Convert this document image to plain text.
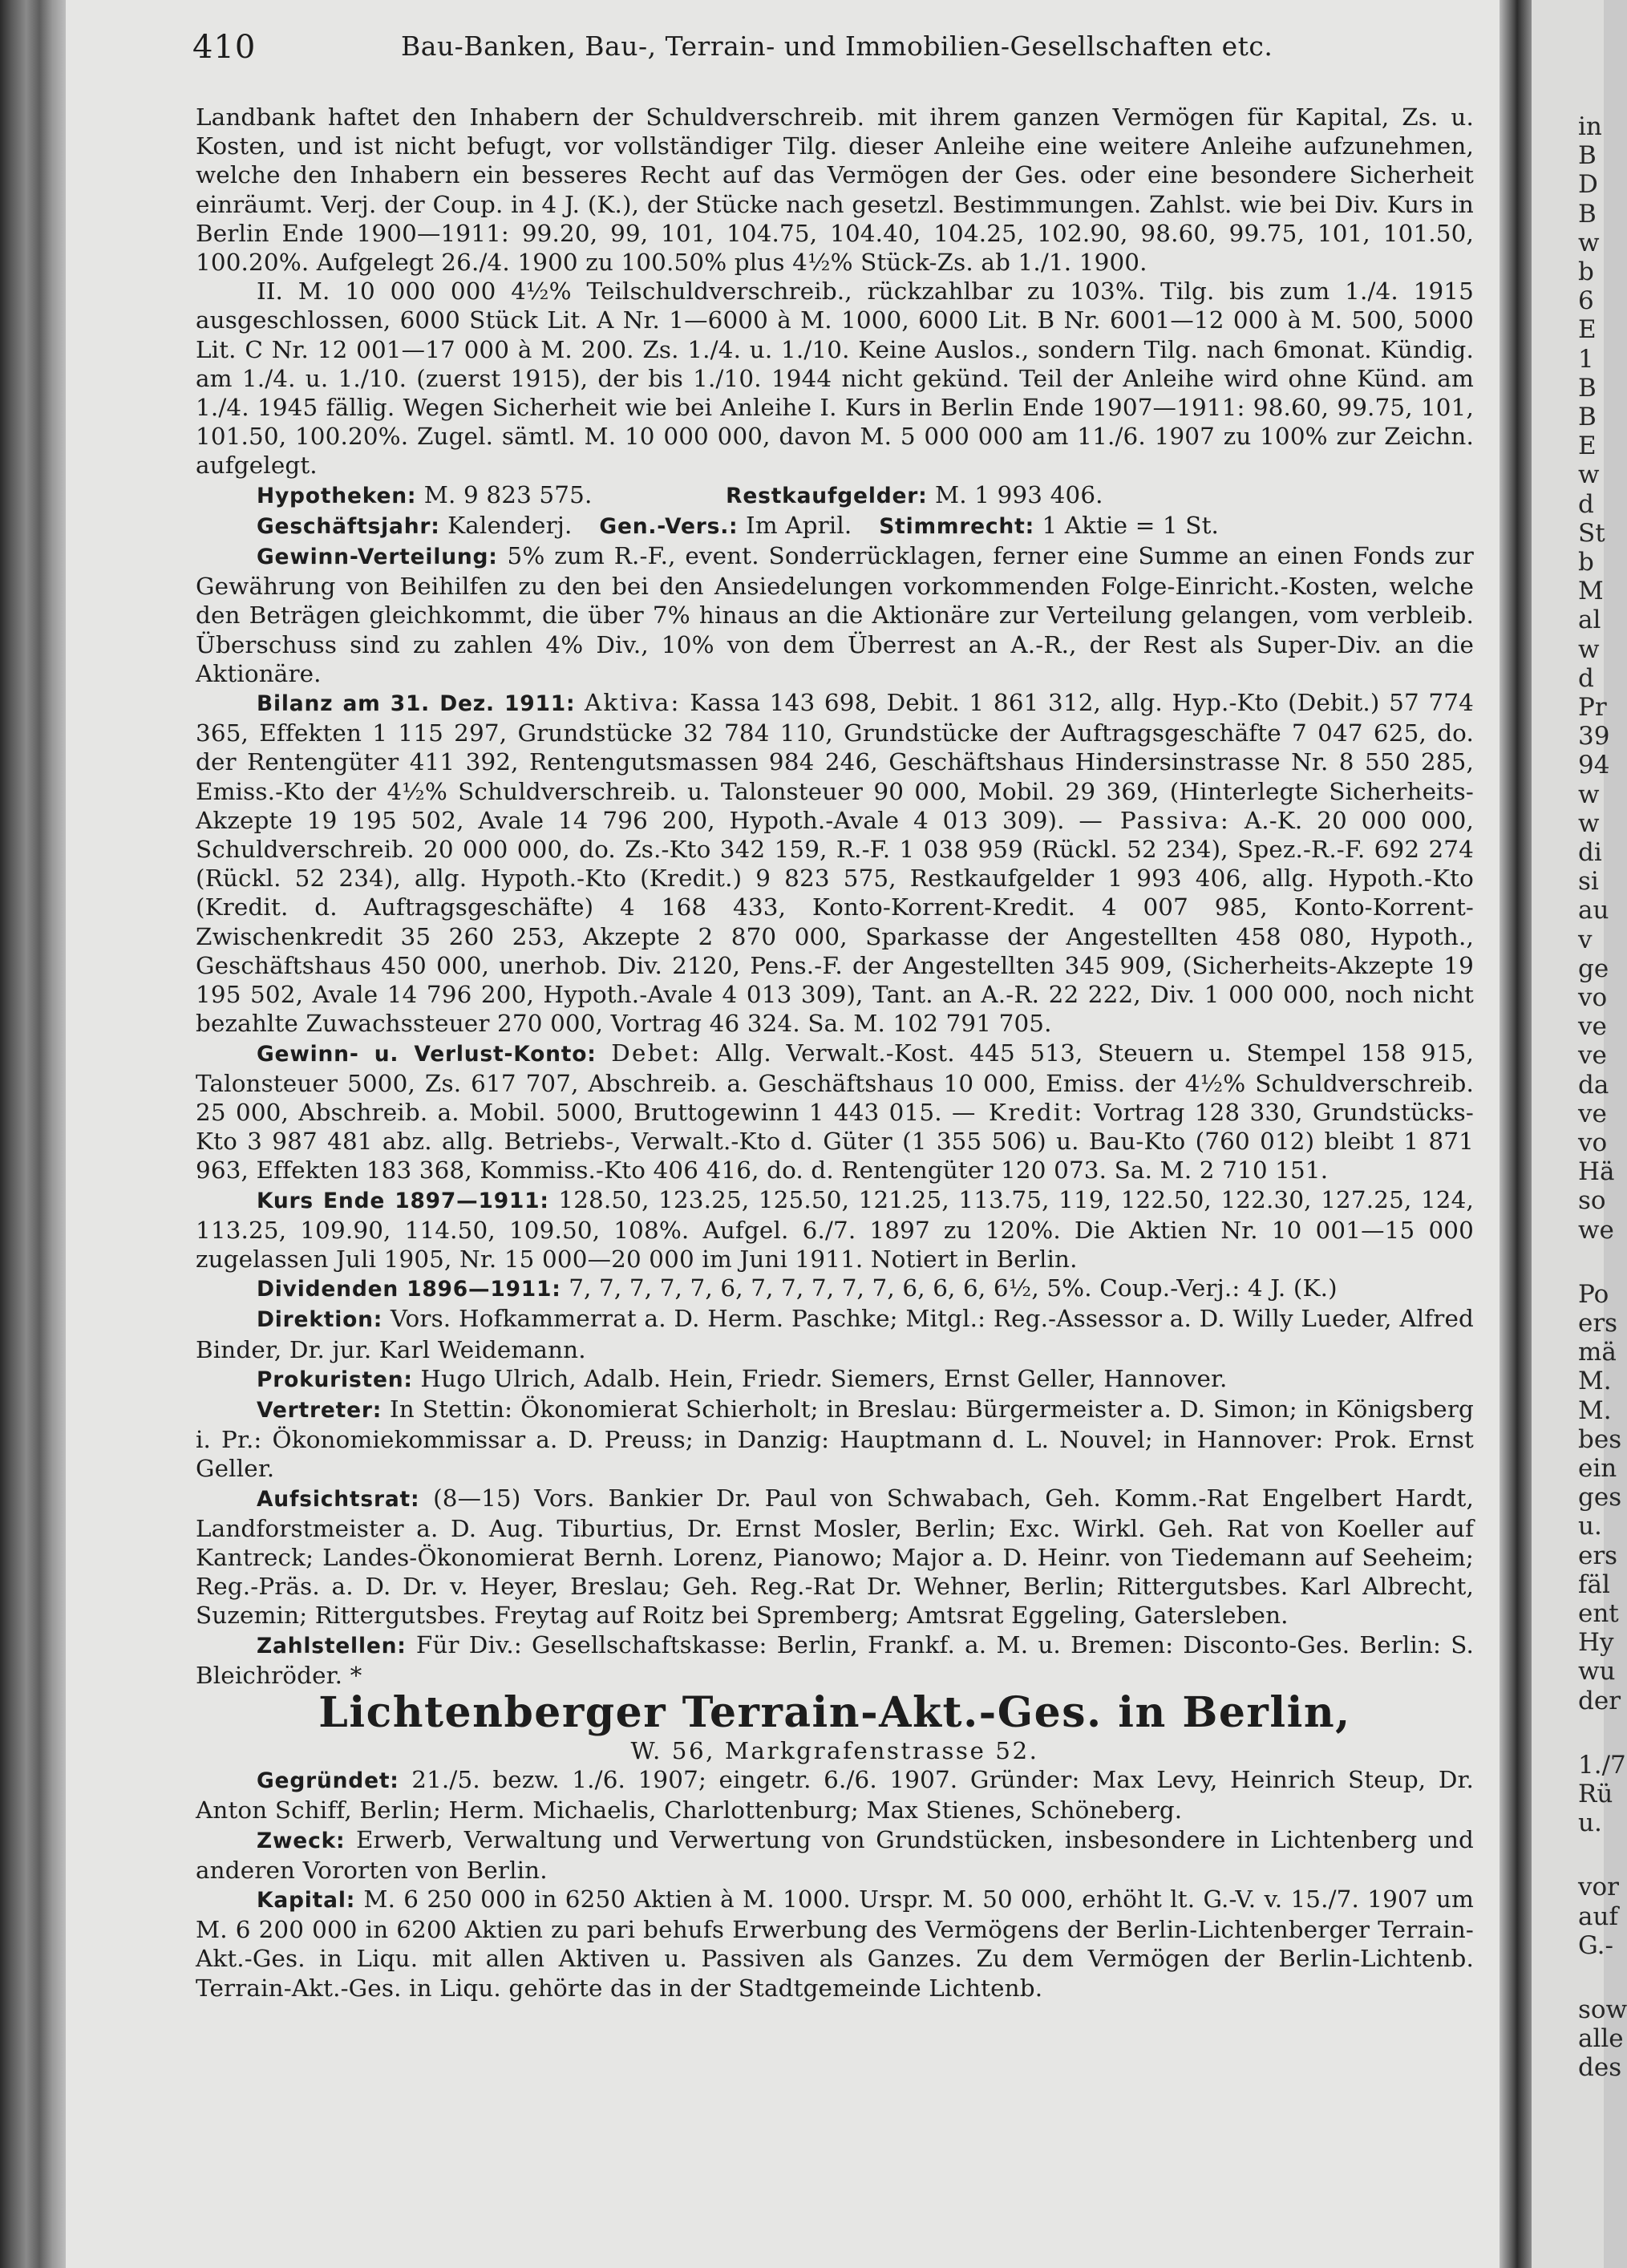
in
B
D
B
w
b
6
E
1
B
B
E
w
d
St
b
M
al
w
d
Pr
39
94
w
w
di
si
au
v
ge
vo
ve
ve
da
ve
vo
Hä
so
we
Po
ers
mä
M.
M.
bes
ein
ges
u.
ers
fäl
ent
Hy
wu
der
1./7
Rü
u.
vor
auf
G.-
sow
alle
des
410	Bau-Banken, Bau-, Terrain- und Immobilien-Gesellschaften etc.

Landbank haftet den Inhabern der Schuldverschreib. mit ihrem ganzen Vermögen für Kapital, Zs. u. Kosten, und ist nicht befugt, vor vollständiger Tilg. dieser Anleihe eine weitere Anleihe aufzunehmen, welche den Inhabern ein besseres Recht auf das Vermögen der Ges. oder eine besondere Sicherheit einräumt. Verj. der Coup. in 4 J. (K.), der Stücke nach gesetzl. Bestimmungen. Zahlst. wie bei Div. Kurs in Berlin Ende 1900—1911: 99.20, 99, 101, 104.75, 104.40, 104.25, 102.90, 98.60, 99.75, 101, 101.50, 100.20%. Aufgelegt 26./4. 1900 zu 100.50% plus 4½% Stück-Zs. ab 1./1. 1900.

II. M. 10 000 000 4½% Teilschuldverschreib., rückzahlbar zu 103%. Tilg. bis zum 1./4. 1915 ausgeschlossen, 6000 Stück Lit. A Nr. 1—6000 à M. 1000, 6000 Lit. B Nr. 6001—12 000 à M. 500, 5000 Lit. C Nr. 12 001—17 000 à M. 200. Zs. 1./4. u. 1./10. Keine Auslos., sondern Tilg. nach 6monat. Kündig. am 1./4. u. 1./10. (zuerst 1915), der bis 1./10. 1944 nicht gekünd. Teil der Anleihe wird ohne Künd. am 1./4. 1945 fällig. Wegen Sicherheit wie bei Anleihe I. Kurs in Berlin Ende 1907—1911: 98.60, 99.75, 101, 101.50, 100.20%. Zugel. sämtl. M. 10 000 000, davon M. 5 000 000 am 11./6. 1907 zu 100% zur Zeichn. aufgelegt.

Hypotheken: M. 9 823 575.      	Restkaufgelder: M. 1 993 406.

Geschäftsjahr: Kalenderj.   Gen.-Vers.: Im April.   Stimmrecht: 1 Aktie = 1 St.

Gewinn-Verteilung: 5% zum R.-F., event. Sonderrücklagen, ferner eine Summe an einen Fonds zur Gewährung von Beihilfen zu den bei den Ansiedelungen vorkommenden Folge-Einricht.-Kosten, welche den Beträgen gleichkommt, die über 7% hinaus an die Aktionäre zur Verteilung gelangen, vom verbleib. Überschuss sind zu zahlen 4% Div., 10% von dem Überrest an A.-R., der Rest als Super-Div. an die Aktionäre.

Bilanz am 31. Dez. 1911: Aktiva: Kassa 143 698, Debit. 1 861 312, allg. Hyp.-Kto (Debit.) 57 774 365, Effekten 1 115 297, Grundstücke 32 784 110, Grundstücke der Auftragsgeschäfte 7 047 625, do. der Rentengüter 411 392, Rentengutsmassen 984 246, Geschäftshaus Hindersinstrasse Nr. 8 550 285, Emiss.-Kto der 4½% Schuldverschreib. u. Talonsteuer 90 000, Mobil. 29 369, (Hinterlegte Sicherheits-Akzepte 19 195 502, Avale 14 796 200, Hypoth.-Avale 4 013 309). — Passiva: A.-K. 20 000 000, Schuldverschreib. 20 000 000, do. Zs.-Kto 342 159, R.-F. 1 038 959 (Rückl. 52 234), Spez.-R.-F. 692 274 (Rückl. 52 234), allg. Hypoth.-Kto (Kredit.) 9 823 575, Restkaufgelder 1 993 406, allg. Hypoth.-Kto (Kredit. d. Auftragsgeschäfte) 4 168 433, Konto-Korrent-Kredit. 4 007 985, Konto-Korrent-Zwischenkredit 35 260 253, Akzepte 2 870 000, Sparkasse der Angestellten 458 080, Hypoth., Geschäftshaus 450 000, unerhob. Div. 2120, Pens.-F. der Angestellten 345 909, (Sicherheits-Akzepte 19 195 502, Avale 14 796 200, Hypoth.-Avale 4 013 309), Tant. an A.-R. 22 222, Div. 1 000 000, noch nicht bezahlte Zuwachssteuer 270 000, Vortrag 46 324. Sa. M. 102 791 705.

Gewinn- u. Verlust-Konto: Debet: Allg. Verwalt.-Kost. 445 513, Steuern u. Stempel 158 915, Talonsteuer 5000, Zs. 617 707, Abschreib. a. Geschäftshaus 10 000, Emiss. der 4½% Schuldverschreib. 25 000, Abschreib. a. Mobil. 5000, Bruttogewinn 1 443 015. — Kredit: Vortrag 128 330, Grundstücks-Kto 3 987 481 abz. allg. Betriebs-, Verwalt.-Kto d. Güter (1 355 506) u. Bau-Kto (760 012) bleibt 1 871 963, Effekten 183 368, Kommiss.-Kto 406 416, do. d. Rentengüter 120 073. Sa. M. 2 710 151.

Kurs Ende 1897—1911: 128.50, 123.25, 125.50, 121.25, 113.75, 119, 122.50, 122.30, 127.25, 124, 113.25, 109.90, 114.50, 109.50, 108%. Aufgel. 6./7. 1897 zu 120%. Die Aktien Nr. 10 001—15 000 zugelassen Juli 1905, Nr. 15 000—20 000 im Juni 1911. Notiert in Berlin.

Dividenden 1896—1911: 7, 7, 7, 7, 7, 6, 7, 7, 7, 7, 7, 6, 6, 6, 6½, 5%. Coup.-Verj.: 4 J. (K.)

Direktion: Vors. Hofkammerrat a. D. Herm. Paschke; Mitgl.: Reg.-Assessor a. D. Willy Lueder, Alfred Binder, Dr. jur. Karl Weidemann.

Prokuristen: Hugo Ulrich, Adalb. Hein, Friedr. Siemers, Ernst Geller, Hannover.

Vertreter: In Stettin: Ökonomierat Schierholt; in Breslau: Bürgermeister a. D. Simon; in Königsberg i. Pr.: Ökonomiekommissar a. D. Preuss; in Danzig: Hauptmann d. L. Nouvel; in Hannover: Prok. Ernst Geller.

Aufsichtsrat: (8—15) Vors. Bankier Dr. Paul von Schwabach, Geh. Komm.-Rat Engelbert Hardt, Landforstmeister a. D. Aug. Tiburtius, Dr. Ernst Mosler, Berlin; Exc. Wirkl. Geh. Rat von Koeller auf Kantreck; Landes-Ökonomierat Bernh. Lorenz, Pianowo; Major a. D. Heinr. von Tiedemann auf Seeheim; Reg.-Präs. a. D. Dr. v. Heyer, Breslau; Geh. Reg.-Rat Dr. Wehner, Berlin; Rittergutsbes. Karl Albrecht, Suzemin; Rittergutsbes. Freytag auf Roitz bei Spremberg; Amtsrat Eggeling, Gatersleben.

Zahlstellen: Für Div.: Gesellschaftskasse: Berlin, Frankf. a. M. u. Bremen: Disconto-Ges. Berlin: S. Bleichröder. *

Lichtenberger Terrain-Akt.-Ges. in Berlin,

W. 56, Markgrafenstrasse 52.

Gegründet: 21./5. bezw. 1./6. 1907; eingetr. 6./6. 1907. Gründer: Max Levy, Heinrich Steup, Dr. Anton Schiff, Berlin; Herm. Michaelis, Charlottenburg; Max Stienes, Schöneberg.

Zweck: Erwerb, Verwaltung und Verwertung von Grundstücken, insbesondere in Lichtenberg und anderen Vororten von Berlin.

Kapital: M. 6 250 000 in 6250 Aktien à M. 1000. Urspr. M. 50 000, erhöht lt. G.-V. v. 15./7. 1907 um M. 6 200 000 in 6200 Aktien zu pari behufs Erwerbung des Vermögens der Berlin-Lichtenberger Terrain-Akt.-Ges. in Liqu. mit allen Aktiven u. Passiven als Ganzes. Zu dem Vermögen der Berlin-Lichtenb. Terrain-Akt.-Ges. in Liqu. gehörte das in der Stadtgemeinde Lichtenb.
